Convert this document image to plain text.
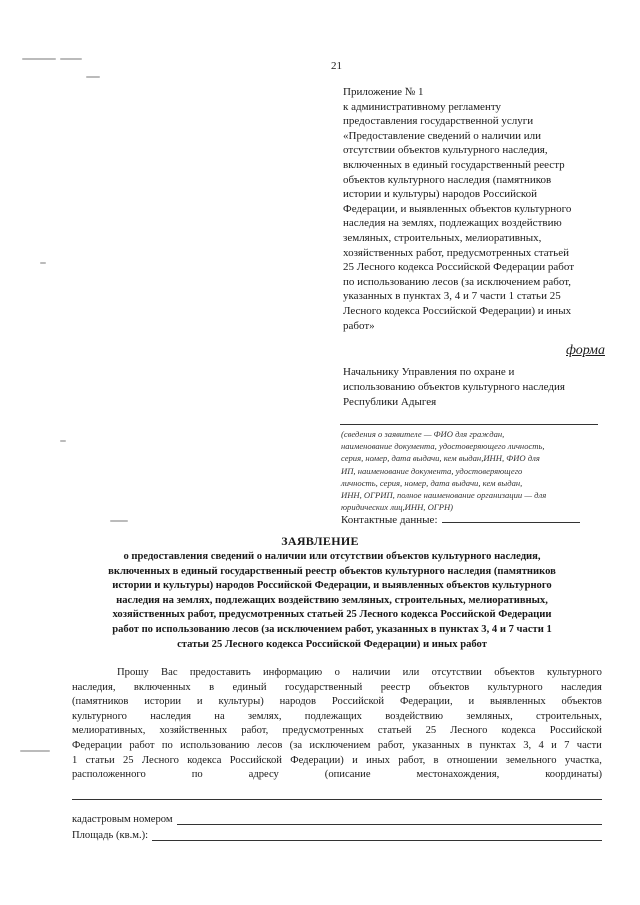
21
Приложение № 1
к административному регламенту
предоставления государственной услуги
«Предоставление сведений о наличии или
отсутствии объектов культурного наследия,
включенных в единый государственный реестр
объектов культурного наследия (памятников
истории и культуры) народов Российской
Федерации, и выявленных объектов культурного
наследия на землях, подлежащих воздействию
земляных, строительных, мелиоративных,
хозяйственных работ, предусмотренных статьей
25 Лесного кодекса Российской Федерации работ
по использованию лесов (за исключением работ,
указанных в пунктах 3, 4 и 7 части 1 статьи 25
Лесного кодекса Российской Федерации) и иных
работ»
форма
Начальнику Управления по охране и
использованию объектов культурного наследия
Республики Адыгея
(сведения о заявителе — ФИО для граждан,
наименование документа, удостоверяющего личность,
серия, номер, дата выдачи, кем выдан,ИНН, ФИО для
ИП, наименование документа, удостоверяющего
личность, серия, номер, дата выдачи, кем выдан,
ИНН, ОГРИП, полное наименование организации — для
юридических лиц,ИНН, ОГРН)
Контактные данные:
ЗАЯВЛЕНИЕ
о предоставления сведений о наличии или отсутствии объектов культурного наследия,
включенных в единый государственный реестр объектов культурного наследия (памятников
истории и культуры) народов Российской Федерации, и выявленных объектов культурного
наследия на землях, подлежащих воздействию земляных, строительных, мелиоративных,
хозяйственных работ, предусмотренных статьей 25 Лесного кодекса Российской Федерации
работ по использованию лесов (за исключением работ, указанных в пунктах 3, 4 и 7 части 1
статьи 25 Лесного кодекса Российской Федерации) и иных работ
Прошу Вас предоставить информацию о наличии или отсутствии объектов культурного
наследия, включенных в единый государственный реестр объектов культурного наследия
(памятников истории и культуры) народов Российской Федерации, и выявленных объектов
культурного наследия на землях, подлежащих воздействию земляных, строительных,
мелиоративных, хозяйственных работ, предусмотренных статьей 25 Лесного кодекса Российской
Федерации работ по использованию лесов (за исключением работ, указанных в пунктах 3, 4 и 7 части
1 статьи 25 Лесного кодекса Российской Федерации) и иных работ, в отношении земельного участка,
расположенного	по	адресу	(описание	местонахождения,	координаты)
кадастровым номером
Площадь (кв.м.):
